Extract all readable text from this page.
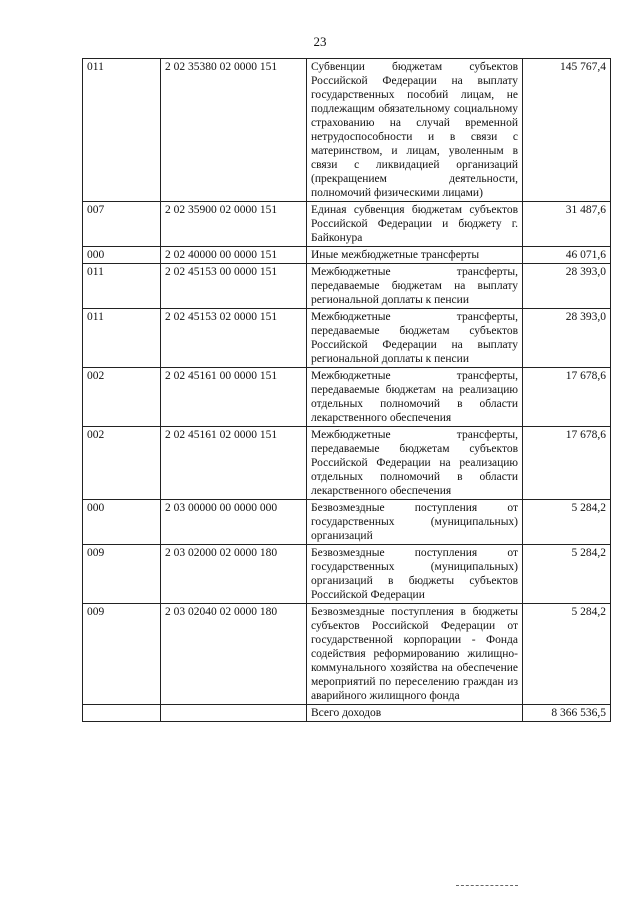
23
011	2 02 35380 02 0000 151	Субвенции бюджетам субъектов Российской Федерации на выплату государственных пособий лицам, не подлежащим обязательному социальному страхованию на случай временной нетрудоспособности и в связи с материнством, и лицам, уволенным в связи с ликвидацией организаций (прекращением деятельности, полномочий физическими лицами)	145 767,4
007	2 02 35900 02 0000 151	Единая субвенция бюджетам субъектов Российской Федерации и бюджету г. Байконура	31 487,6
000	2 02 40000 00 0000 151	Иные межбюджетные трансферты	46 071,6
011	2 02 45153 00 0000 151	Межбюджетные трансферты, передаваемые бюджетам на выплату региональной доплаты к пенсии	28 393,0
011	2 02 45153 02 0000 151	Межбюджетные трансферты, передаваемые бюджетам субъектов Российской Федерации на выплату региональной доплаты к пенсии	28 393,0
002	2 02 45161 00 0000 151	Межбюджетные трансферты, передаваемые бюджетам на реализацию отдельных полномочий в области лекарственного обеспечения	17 678,6
002	2 02 45161 02 0000 151	Межбюджетные трансферты, передаваемые бюджетам субъектов Российской Федерации на реализацию отдельных полномочий в области лекарственного обеспечения	17 678,6
000	2 03 00000 00 0000 000	Безвозмездные поступления от государственных (муниципальных) организаций	5 284,2
009	2 03 02000 02 0000 180	Безвозмездные поступления от государственных (муниципальных) организаций в бюджеты субъектов Российской Федерации	5 284,2
009	2 03 02040 02 0000 180	Безвозмездные поступления в бюджеты субъектов Российской Федерации от государственной корпорации - Фонда содействия реформированию жилищно-коммунального хозяйства на обеспечение мероприятий по переселению граждан из аварийного жилищного фонда	5 284,2
		Всего доходов	8 366 536,5
